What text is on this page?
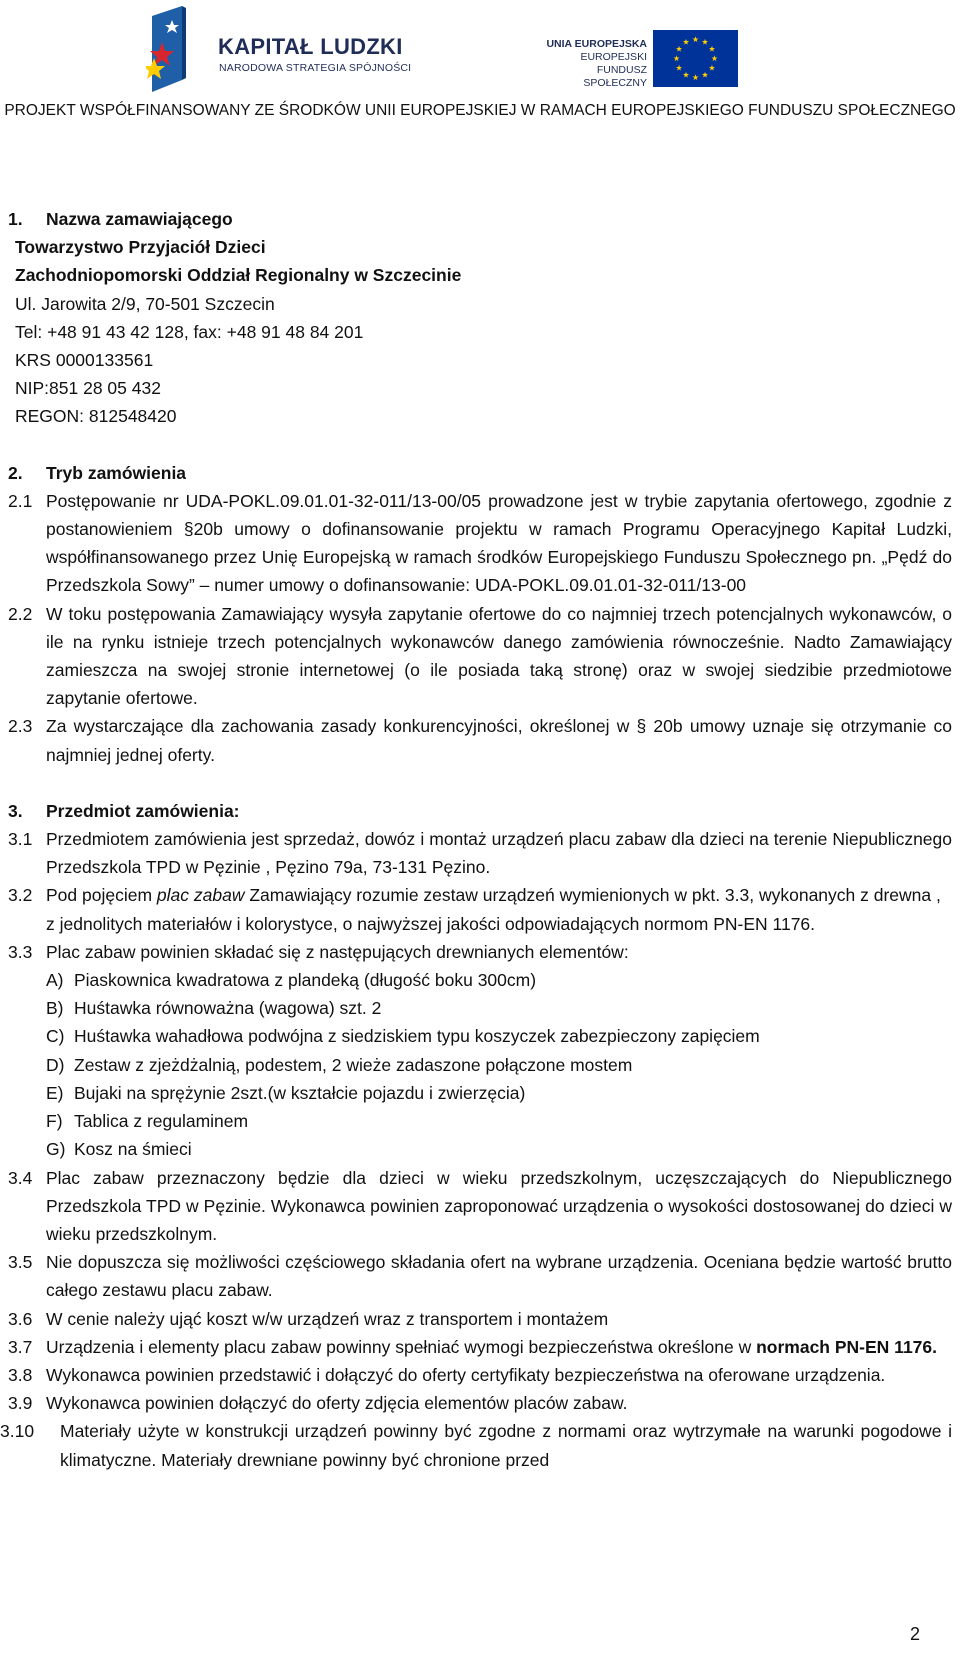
KAPITAŁ LUDZKI
NARODOWA STRATEGIA SPÓJNOŚCI
UNIA EUROPEJSKA
EUROPEJSKI
FUNDUSZ SPOŁECZNY
PROJEKT WSPÓŁFINANSOWANY ZE ŚRODKÓW UNII EUROPEJSKIEJ W RAMACH EUROPEJSKIEGO FUNDUSZU SPOŁECZNEGO
1.	Nazwa zamawiającego
Towarzystwo Przyjaciół Dzieci
Zachodniopomorski Oddział Regionalny w Szczecinie
Ul. Jarowita 2/9, 70-501 Szczecin
Tel: +48 91 43 42 128, fax: +48 91 48 84 201
KRS 0000133561
NIP:851 28 05 432
REGON: 812548420
2.	Tryb zamówienia
2.1 Postępowanie nr UDA-POKL.09.01.01-32-011/13-00/05 prowadzone jest w trybie zapytania ofertowego, zgodnie z postanowieniem §20b umowy o dofinansowanie projektu w ramach Programu Operacyjnego Kapitał Ludzki, współfinansowanego przez Unię Europejską w ramach środków Europejskiego Funduszu Społecznego pn. „Pędź do Przedszkola Sowy” – numer umowy o dofinansowanie: UDA-POKL.09.01.01-32-011/13-00
2.2 W toku postępowania Zamawiający wysyła zapytanie ofertowe do co najmniej trzech potencjalnych wykonawców, o ile na rynku istnieje trzech potencjalnych wykonawców danego zamówienia równocześnie. Nadto Zamawiający zamieszcza na swojej stronie internetowej (o ile posiada taką stronę) oraz w swojej siedzibie przedmiotowe zapytanie ofertowe.
2.3 Za wystarczające dla zachowania zasady konkurencyjności, określonej w § 20b umowy uznaje się otrzymanie co najmniej jednej oferty.
3.	Przedmiot zamówienia:
3.1 Przedmiotem zamówienia jest sprzedaż, dowóz i montaż urządzeń placu zabaw dla dzieci na terenie Niepublicznego Przedszkola TPD w Pęzinie , Pęzino 79a, 73-131 Pęzino.
3.2 Pod pojęciem plac zabaw Zamawiający rozumie zestaw urządzeń wymienionych w pkt. 3.3, wykonanych z drewna , z jednolitych materiałów i kolorystyce, o najwyższej jakości odpowiadających normom PN-EN 1176.
3.3 Plac zabaw powinien składać się z następujących drewnianych elementów:
A) Piaskownica kwadratowa z plandeką (długość boku 300cm)
B) Huśtawka równoważna (wagowa) szt. 2
C) Huśtawka wahadłowa podwójna z siedziskiem typu koszyczek zabezpieczony zapięciem
D) Zestaw z zjeżdżalnią, podestem, 2 wieże zadaszone połączone mostem
E) Bujaki na sprężynie 2szt.(w kształcie pojazdu i zwierzęcia)
F) Tablica z regulaminem
G) Kosz na śmieci
3.4 Plac zabaw przeznaczony będzie dla dzieci w wieku przedszkolnym, uczęszczających do Niepublicznego Przedszkola TPD w Pęzinie. Wykonawca powinien zaproponować urządzenia o wysokości dostosowanej do dzieci w wieku przedszkolnym.
3.5 Nie dopuszcza się możliwości częściowego składania ofert na wybrane urządzenia. Oceniana będzie wartość brutto całego zestawu placu zabaw.
3.6 W cenie należy ująć koszt w/w urządzeń wraz z transportem i montażem
3.7 Urządzenia i elementy placu zabaw powinny spełniać wymogi bezpieczeństwa określone w normach PN-EN 1176.
3.8 Wykonawca powinien przedstawić i dołączyć do oferty certyfikaty bezpieczeństwa na oferowane urządzenia.
3.9 Wykonawca powinien dołączyć do oferty zdjęcia elementów placów zabaw.
3.10	Materiały użyte w konstrukcji urządzeń powinny być zgodne z normami oraz wytrzymałe na warunki pogodowe i klimatyczne. Materiały drewniane powinny być chronione przed
2
